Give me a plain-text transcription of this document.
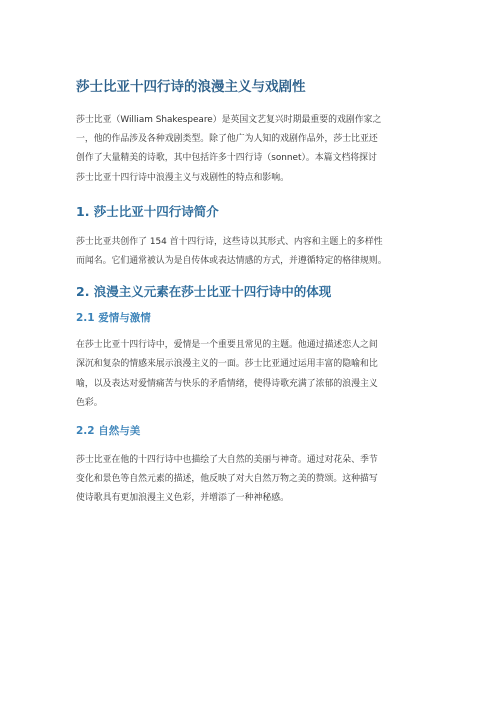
莎士比亚十四行诗的浪漫主义与戏剧性

莎士比亚（William Shakespeare）是英国文艺复兴时期最重要的戏剧作家之
一，他的作品涉及各种戏剧类型。除了他广为人知的戏剧作品外，莎士比亚还
创作了大量精美的诗歌，其中包括许多十四行诗（sonnet）。本篇文档将探讨
莎士比亚十四行诗中浪漫主义与戏剧性的特点和影响。

1. 莎士比亚十四行诗简介

莎士比亚共创作了 154 首十四行诗，这些诗以其形式、内容和主题上的多样性
而闻名。它们通常被认为是自传体或表达情感的方式，并遵循特定的格律规则。

2. 浪漫主义元素在莎士比亚十四行诗中的体现
2.1 爱情与激情

在莎士比亚十四行诗中，爱情是一个重要且常见的主题。他通过描述恋人之间
深沉和复杂的情感来展示浪漫主义的一面。莎士比亚通过运用丰富的隐喻和比
喻，以及表达对爱情痛苦与快乐的矛盾情绪，使得诗歌充满了浓郁的浪漫主义
色彩。

2.2 自然与美

莎士比亚在他的十四行诗中也描绘了大自然的美丽与神奇。通过对花朵、季节
变化和景色等自然元素的描述，他反映了对大自然万物之美的赞颂。这种描写
使诗歌具有更加浪漫主义色彩，并增添了一种神秘感。
